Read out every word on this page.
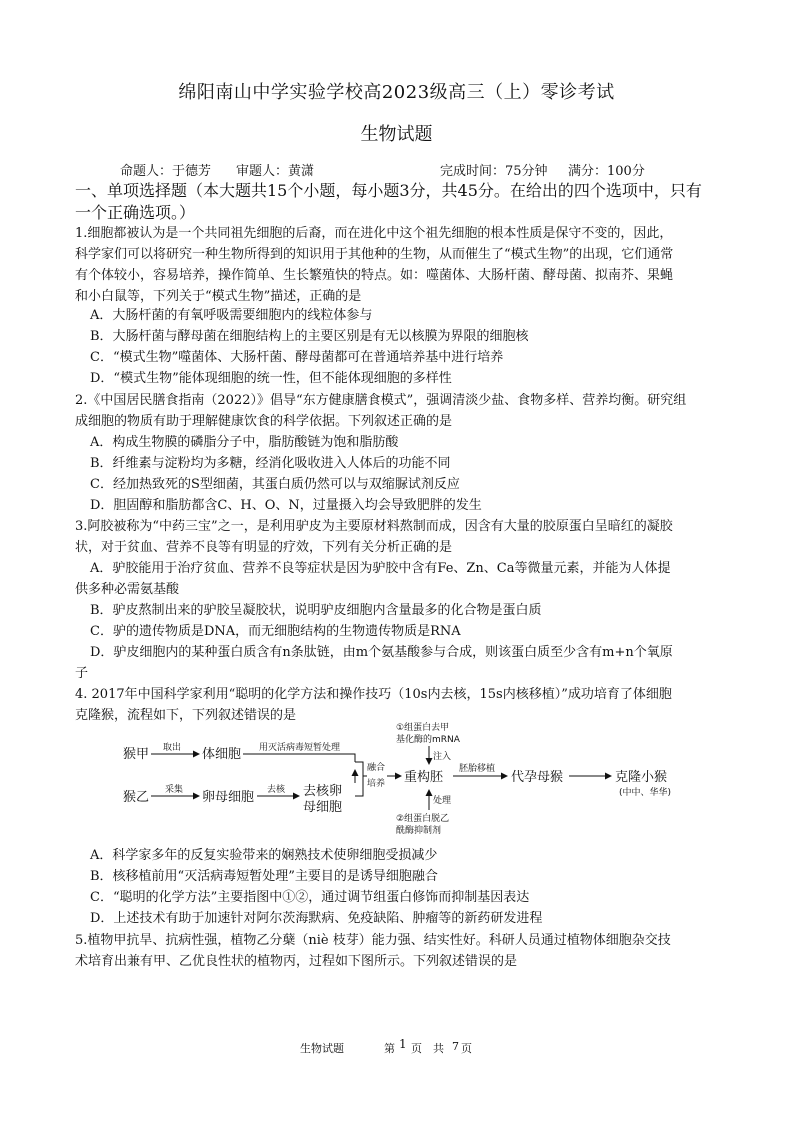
绵阳南山中学实验学校高2023级高三（上）零诊考试
生物试题
命题人：于德芳 审题人：黄潇	完成时间：75分钟 满分：100分
一、单项选择题（本大题共15个小题，每小题3分，共45分。在给出的四个选项中，只有
一个正确选项。）
1.细胞都被认为是一个共同祖先细胞的后裔，而在进化中这个祖先细胞的根本性质是保守不变的，因此，
科学家们可以将研究一种生物所得到的知识用于其他种的生物，从而催生了“模式生物”的出现，它们通常
有个体较小，容易培养，操作简单、生长繁殖快的特点。如：噬菌体、大肠杆菌、酵母菌、拟南芥、果蝇
和小白鼠等，下列关于“模式生物”描述，正确的是
A．大肠杆菌的有氧呼吸需要细胞内的线粒体参与
B．大肠杆菌与酵母菌在细胞结构上的主要区别是有无以核膜为界限的细胞核
C．“模式生物”噬菌体、大肠杆菌、酵母菌都可在普通培养基中进行培养
D．“模式生物”能体现细胞的统一性，但不能体现细胞的多样性
2.《中国居民膳食指南（2022）》倡导“东方健康膳食模式”，强调清淡少盐、食物多样、营养均衡。研究组
成细胞的物质有助于理解健康饮食的科学依据。下列叙述正确的是
A．构成生物膜的磷脂分子中，脂肪酸链为饱和脂肪酸
B．纤维素与淀粉均为多糖，经消化吸收进入人体后的功能不同
C．经加热致死的S型细菌，其蛋白质仍然可以与双缩脲试剂反应
D．胆固醇和脂肪都含C、H、O、N，过量摄入均会导致肥胖的发生
3.阿胶被称为“中药三宝”之一，是利用驴皮为主要原材料熬制而成，因含有大量的胶原蛋白呈暗红的凝胶
状，对于贫血、营养不良等有明显的疗效，下列有关分析正确的是
A．驴胶能用于治疗贫血、营养不良等症状是因为驴胶中含有Fe、Zn、Ca等微量元素，并能为人体提
供多种必需氨基酸
B．驴皮熬制出来的驴胶呈凝胶状，说明驴皮细胞内含量最多的化合物是蛋白质
C．驴的遗传物质是DNA，而无细胞结构的生物遗传物质是RNA
D．驴皮细胞内的某种蛋白质含有n条肽链，由m个氨基酸参与合成，则该蛋白质至少含有m+n个氧原
子
4. 2017年中国科学家利用“聪明的化学方法和操作技巧（10s内去核，15s内核移植）”成功培育了体细胞
克隆猴，流程如下，下列叙述错误的是
猴甲 取出 体细胞 用灭活病毒短暂处理
猴乙 采集 卵母细胞 去核 去核卵
母细胞
融合
培养 重构胚
①组蛋白去甲
基化酶的mRNA
注入
处理
②组蛋白脱乙
酰酶抑制剂
胚胎移植
代孕母猴	克隆小猴
(中中、华华)
A．科学家多年的反复实验带来的娴熟技术使卵细胞受损减少
B．核移植前用“灭活病毒短暂处理”主要目的是诱导细胞融合
C．“聪明的化学方法”主要指图中①②，通过调节组蛋白修饰而抑制基因表达
D．上述技术有助于加速针对阿尔茨海默病、免疫缺陷、肿瘤等的新药研发进程
5.植物甲抗旱、抗病性强，植物乙分蘖（niè 枝芽）能力强、结实性好。科研人员通过植物体细胞杂交技
术培育出兼有甲、乙优良性状的植物丙，过程如下图所示。下列叙述错误的是
生物试题	第 1 页　共 7 页
